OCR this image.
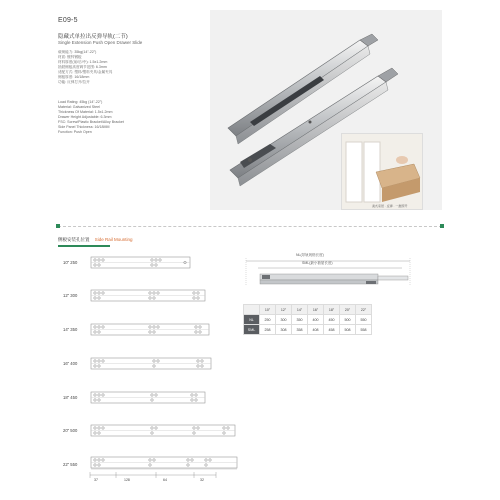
E09-5
隐藏式单拉出反弹导轨(二节)
Single Extension Push Open Drawer Slide
载荷能力: 35kg(14"-22")
材质: 镀锌钢板
材料厚度(前/后/中): 1.5x1.2mm
抽屉侧板高度调节范围: 6.3mm
适配方式: 塑料/塑料夹具/金属夹具
侧板厚度: 16/18mm
功能: 反弹打开/拉开
Load Rating: 45kg (14"-22")
Material: Galvanized Steel
Thickness Of Material: 1.5x1.2mm
Drawer Height Adjustable: 6.3mm
FSC: Screw/Plastic Bracket/Alloy Bracket
Side Panel Thickness: 16/18MM
Function: Push Open
美式家居 · 反弹 · 一推即开
侧板安装孔位置 Side Rail Mounting
10" 250
12" 300
14" 350
16" 400
18" 450
20" 500
22" 550
37	128	64	32
NL(导轨规格长度)
SML(最小抽屉长度)
	10"	12"	14"	16"	18"	20"	22"
NL	250	300	350	400	450	500	550
SML	258	308	358	408	458	508	558
